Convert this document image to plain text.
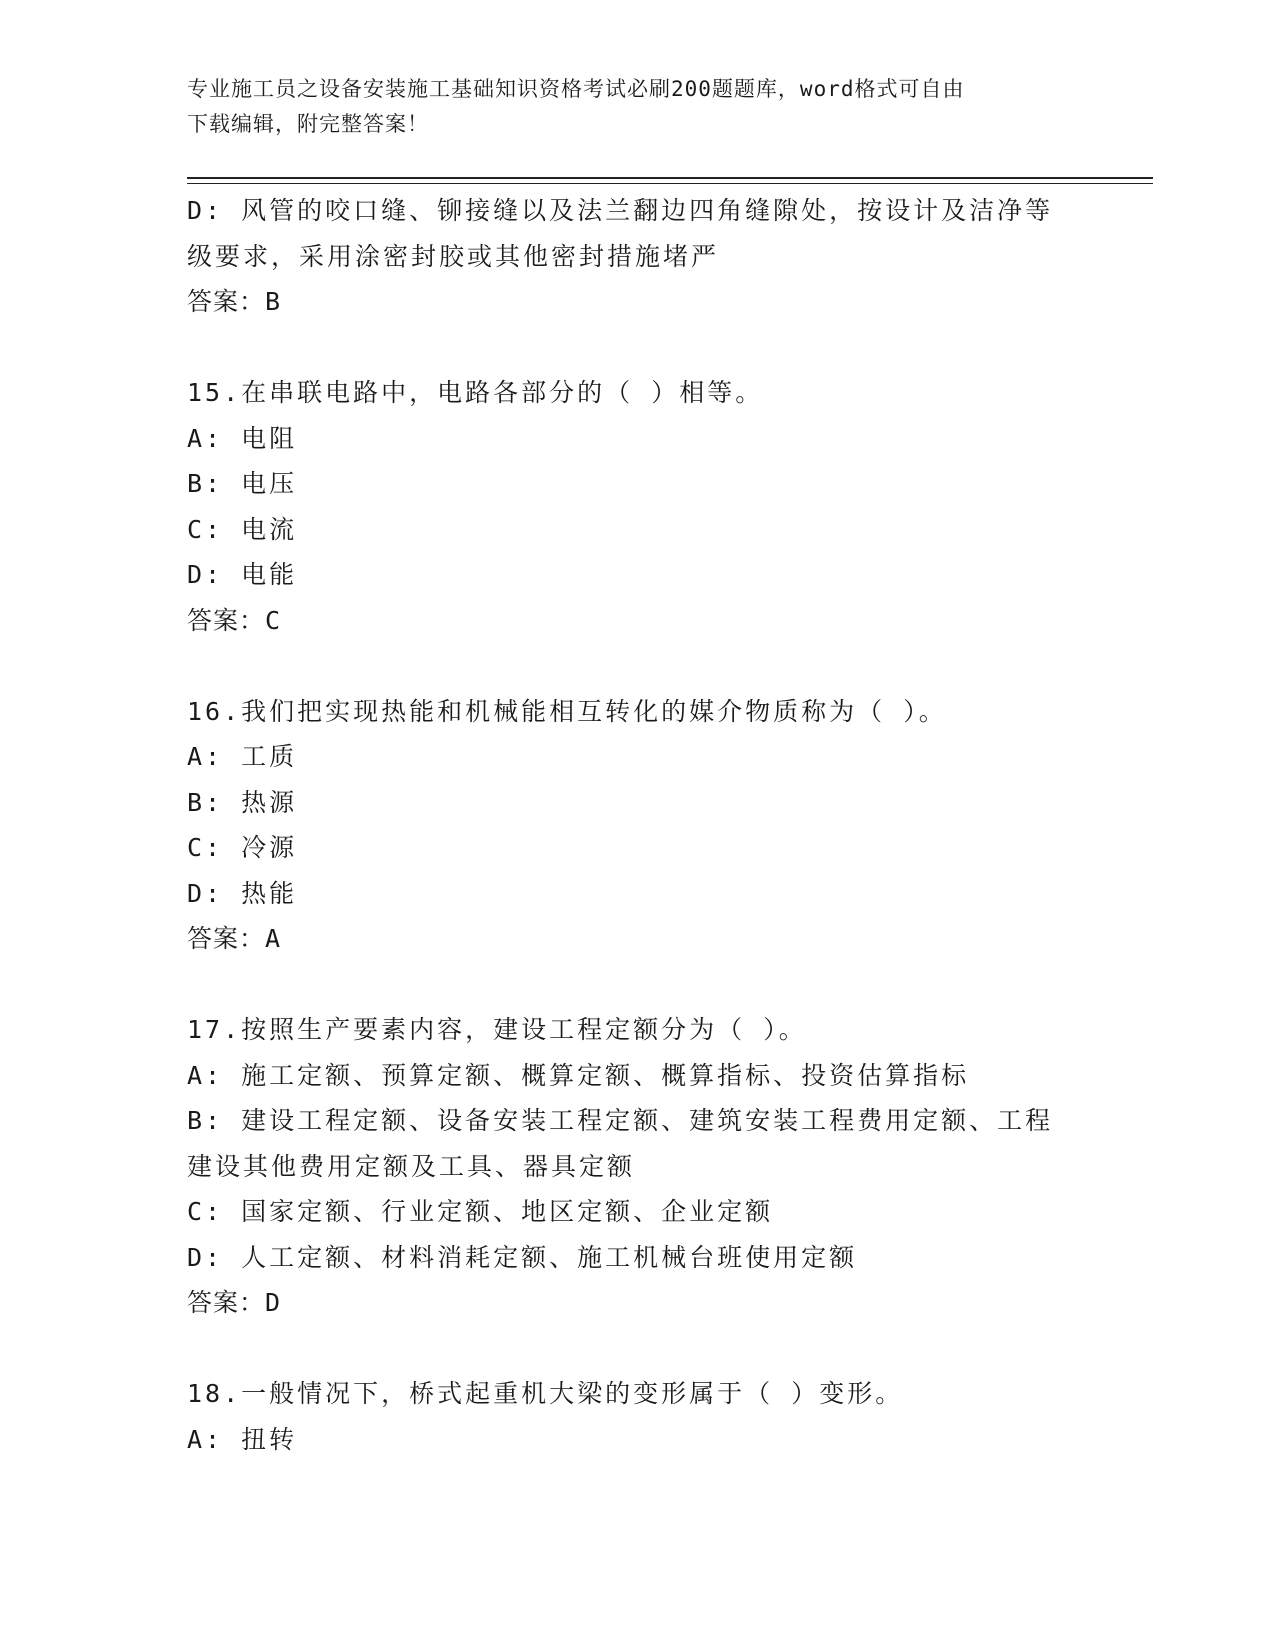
专业施工员之设备安装施工基础知识资格考试必刷200题题库，word格式可自由
下载编辑，附完整答案！
D: 风管的咬口缝、铆接缝以及法兰翻边四角缝隙处，按设计及洁净等
级要求，采用涂密封胶或其他密封措施堵严
答案：B
15.在串联电路中，电路各部分的（ ）相等。
A: 电阻
B: 电压
C: 电流
D: 电能
答案：C
16.我们把实现热能和机械能相互转化的媒介物质称为（ ）。
A: 工质
B: 热源
C: 冷源
D: 热能
答案：A
17.按照生产要素内容，建设工程定额分为（ ）。
A: 施工定额、预算定额、概算定额、概算指标、投资估算指标
B: 建设工程定额、设备安装工程定额、建筑安装工程费用定额、工程
建设其他费用定额及工具、器具定额
C: 国家定额、行业定额、地区定额、企业定额
D: 人工定额、材料消耗定额、施工机械台班使用定额
答案：D
18.一般情况下，桥式起重机大梁的变形属于（ ）变形。
A: 扭转
